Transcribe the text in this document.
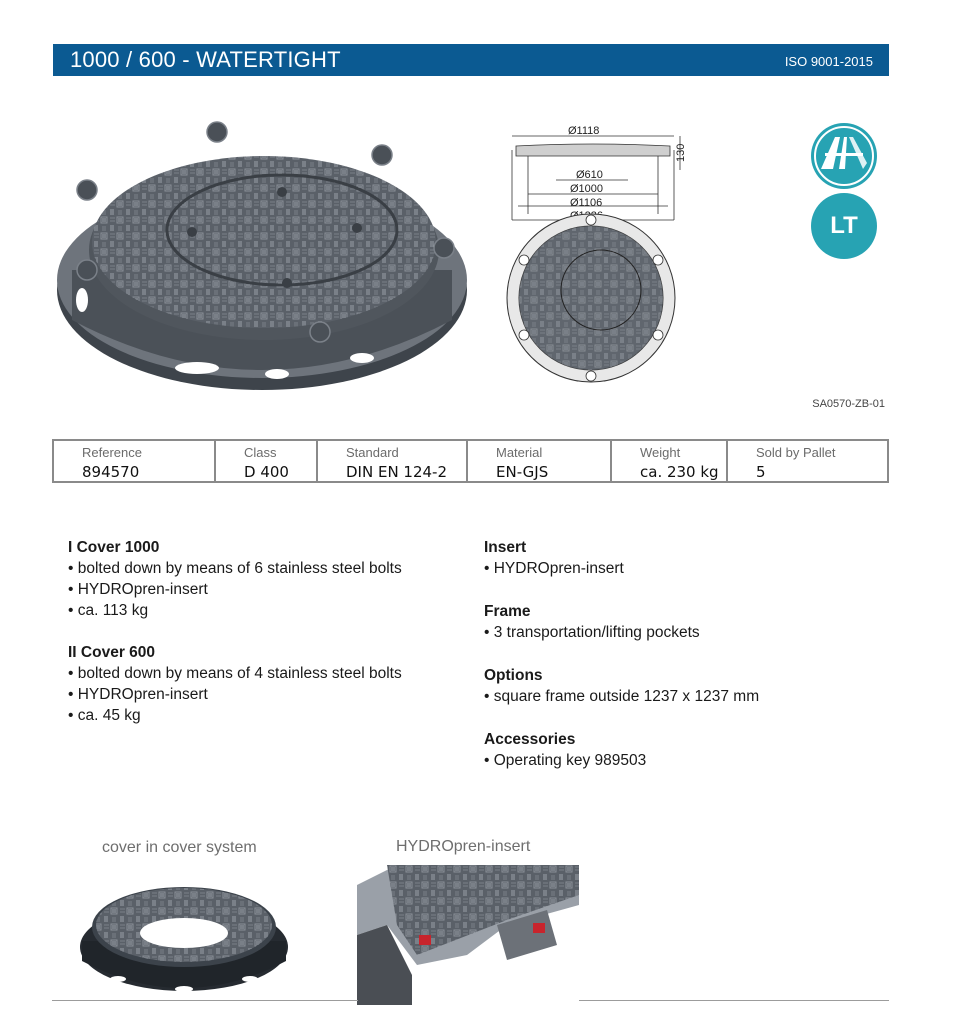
1000 / 600 - WATERTIGHT	ISO 9001-2015
Ø1118
130
Ø610
Ø1000
Ø1106
LT
SA0570-ZB-01
Reference
894570

Class
D 400

Standard
DIN EN 124-2

Material
EN-GJS

Weight
ca. 230 kg

Sold by Pallet
5
I Cover 1000
• bolted down by means of 6 stainless steel bolts
• HYDROpren-insert
• ca. 113 kg
II Cover 600
• bolted down by means of 4 stainless steel bolts
• HYDROpren-insert
• ca. 45 kg
Insert
• HYDROpren-insert
Frame
• 3 transportation/lifting pockets
Options
• square frame outside 1237 x 1237 mm
Accessories
• Operating key 989503
cover in cover system	HYDROpren-insert
